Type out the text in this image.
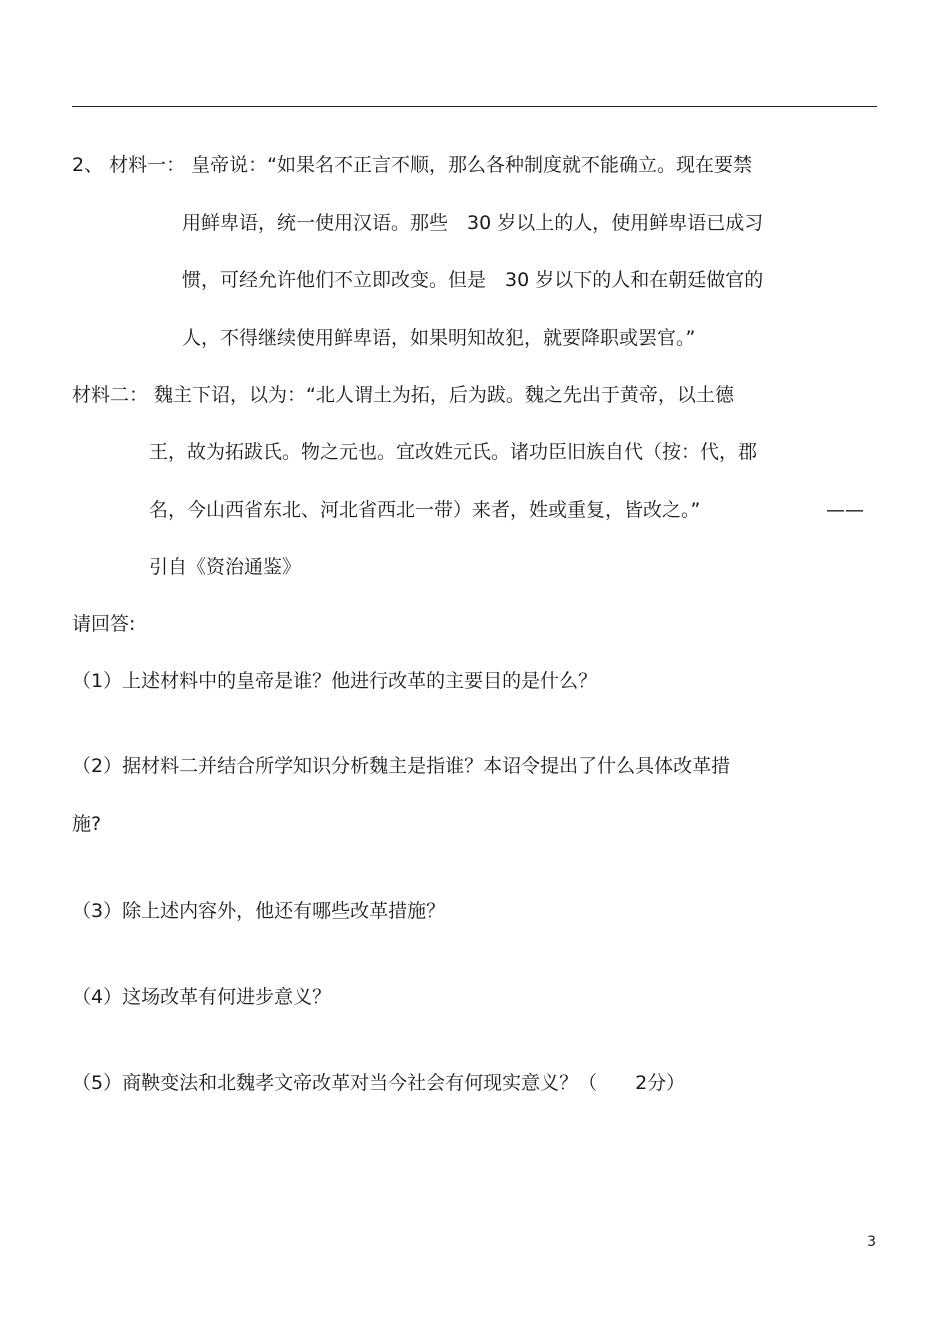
2、 材料一： 皇帝说：“如果名不正言不顺，那么各种制度就不能确立。现在要禁
用鲜卑语，统一使用汉语。那些　30 岁以上的人，使用鲜卑语已成习
惯，可经允许他们不立即改变。但是　30 岁以下的人和在朝廷做官的
人，不得继续使用鲜卑语，如果明知故犯，就要降职或罢官。”
材料二： 魏主下诏，以为：“北人谓土为拓，后为跋。魏之先出于黄帝，以土德
王，故为拓跋氏。物之元也。宜改姓元氏。诸功臣旧族自代（按：代，郡
名，今山西省东北、河北省西北一带）来者，姓或重复，皆改之。”	——
引自《资治通鉴》
请回答:
（1）上述材料中的皇帝是谁？他进行改革的主要目的是什么？
（2）据材料二并结合所学知识分析魏主是指谁？本诏令提出了什么具体改革措
施?
（3）除上述内容外，他还有哪些改革措施？
（4）这场改革有何进步意义？
（5）商鞅变法和北魏孝文帝改革对当今社会有何现实意义？（　　2分）
3
